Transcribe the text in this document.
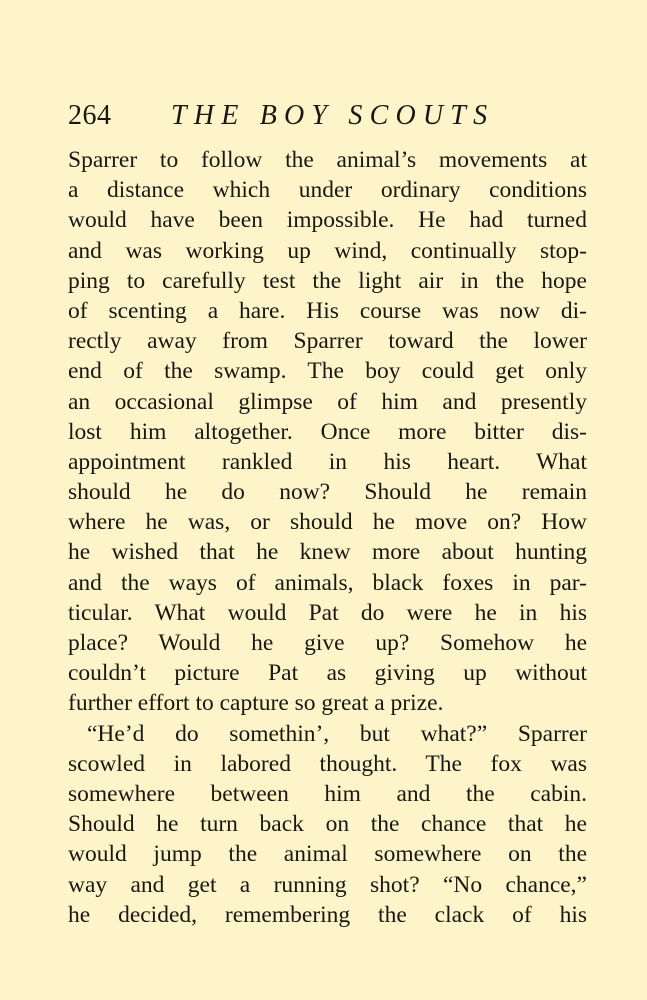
264 THE BOY SCOUTS
Sparrer to follow the animal’s movements at
a distance which under ordinary conditions
would have been impossible. He had turned
and was working up wind, continually stop-
ping to carefully test the light air in the hope
of scenting a hare. His course was now di-
rectly away from Sparrer toward the lower
end of the swamp. The boy could get only
an occasional glimpse of him and presently
lost him altogether. Once more bitter dis-
appointment rankled in his heart. What
should he do now? Should he remain
where he was, or should he move on? How
he wished that he knew more about hunting
and the ways of animals, black foxes in par-
ticular. What would Pat do were he in his
place? Would he give up? Somehow he
couldn’t picture Pat as giving up without
further effort to capture so great a prize.
“He’d do somethin’, but what?” Sparrer
scowled in labored thought. The fox was
somewhere between him and the cabin.
Should he turn back on the chance that he
would jump the animal somewhere on the
way and get a running shot? “No chance,”
he decided, remembering the clack of his
